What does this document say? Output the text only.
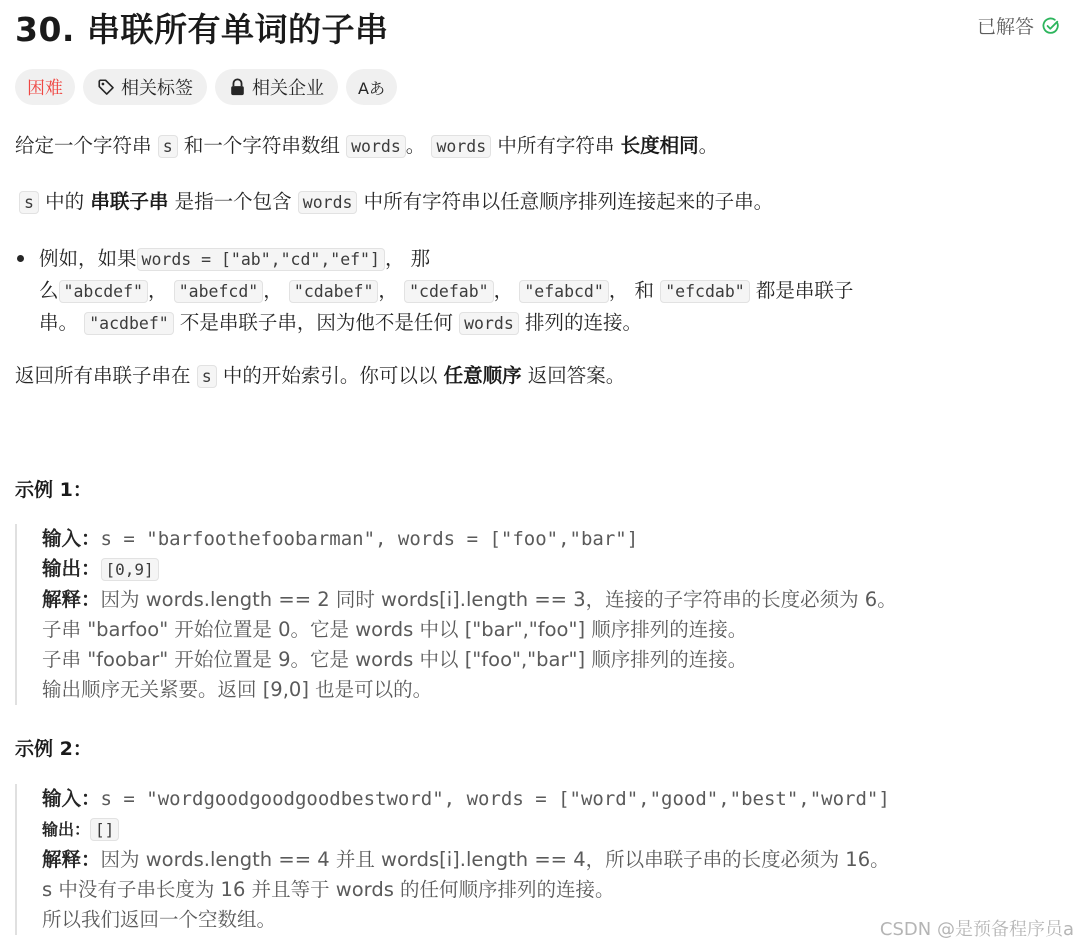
30. 串联所有单词的子串	已解答
困难	相关标签	相关企业 Aあ
给定一个字符串 s 和一个字符串数组 words 。 words 中所有字符串 长度相同。
s 中的 串联子串 是指一个包含 words 中所有字符串以任意顺序排列连接起来的子串。
例如，如果 words = ["ab","cd","ef"] ， 那
么 "abcdef" ， "abefcd" ， "cdabef" ， "cdefab" ， "efabcd" ， 和 "efcdab" 都是串联子
串。 "acdbef" 不是串联子串，因为他不是任何 words 排列的连接。
返回所有串联子串在 s 中的开始索引。你可以以 任意顺序 返回答案。
示例 1：
输入：s = "barfoothefoobarman", words = ["foo","bar"]
输出： [0,9]
解释：因为 words.length == 2 同时 words[i].length == 3，连接的子字符串的长度必须为 6。
子串 "barfoo" 开始位置是 0。它是 words 中以 ["bar","foo"] 顺序排列的连接。
子串 "foobar" 开始位置是 9。它是 words 中以 ["foo","bar"] 顺序排列的连接。
输出顺序无关紧要。返回 [9,0] 也是可以的。
示例 2：
输入：s = "wordgoodgoodgoodbestword", words = ["word","good","best","word"]
输出： []
解释：因为 words.length == 4 并且 words[i].length == 4，所以串联子串的长度必须为 16。
s 中没有子串长度为 16 并且等于 words 的任何顺序排列的连接。
所以我们返回一个空数组。	CSDN @是预备程序员a
